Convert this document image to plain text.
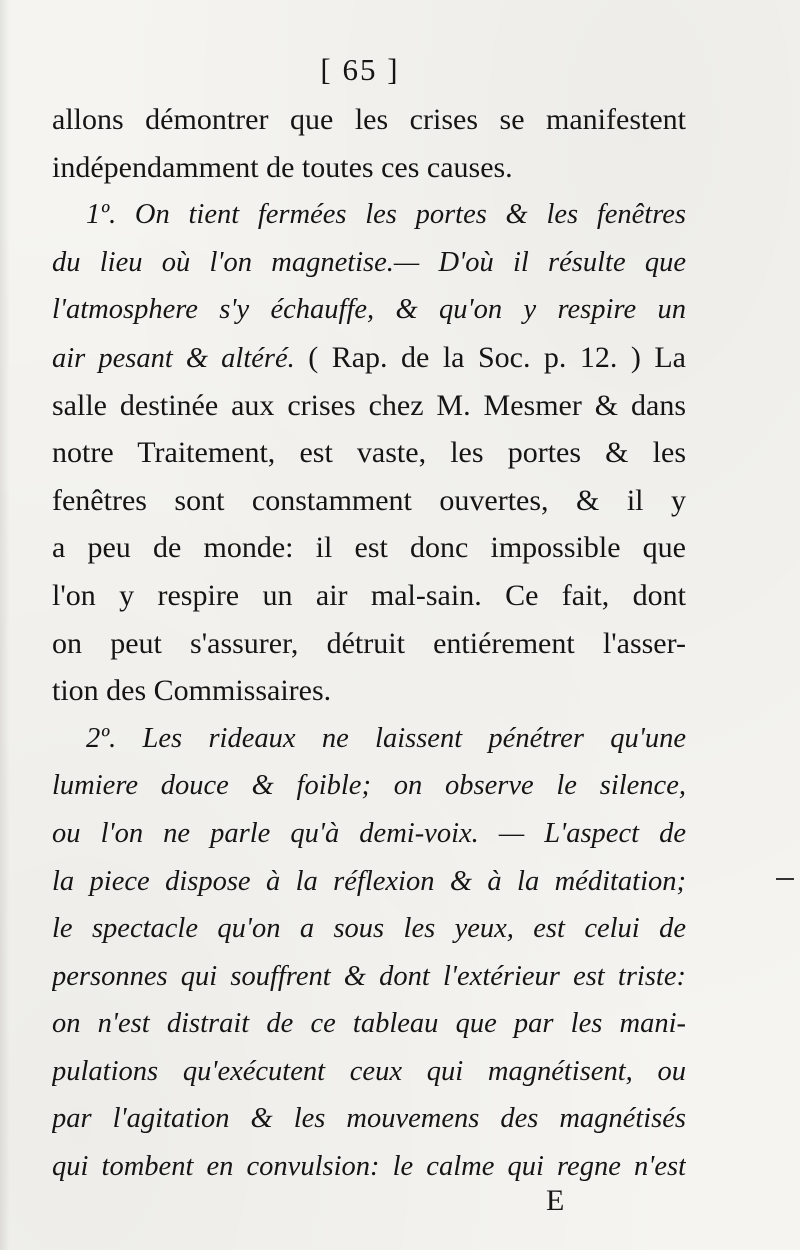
[ 65 ]
allons démontrer que les crises se manifestent
indépendamment de toutes ces causes.
1º. On tient fermées les portes & les fenêtres
du lieu où l'on magnetise.— D'où il résulte que
l'atmosphere s'y échauffe, & qu'on y respire un
air pesant & altéré. ( Rap. de la Soc. p. 12. ) La
salle destinée aux crises chez M. Mesmer & dans
notre Traitement, est vaste, les portes & les
fenêtres sont constamment ouvertes, & il y
a peu de monde: il est donc impossible que
l'on y respire un air mal-sain. Ce fait, dont
on peut s'assurer, détruit entiérement l'asser-
tion des Commissaires.
2º. Les rideaux ne laissent pénétrer qu'une
lumiere douce & foible; on observe le silence,
ou l'on ne parle qu'à demi-voix. — L'aspect de
la piece dispose à la réflexion & à la méditation;
le spectacle qu'on a sous les yeux, est celui de
personnes qui souffrent & dont l'extérieur est triste:
on n'est distrait de ce tableau que par les mani-
pulations qu'exécutent ceux qui magnétisent, ou
par l'agitation & les mouvemens des magnétisés
qui tombent en convulsion: le calme qui regne n'est
E
